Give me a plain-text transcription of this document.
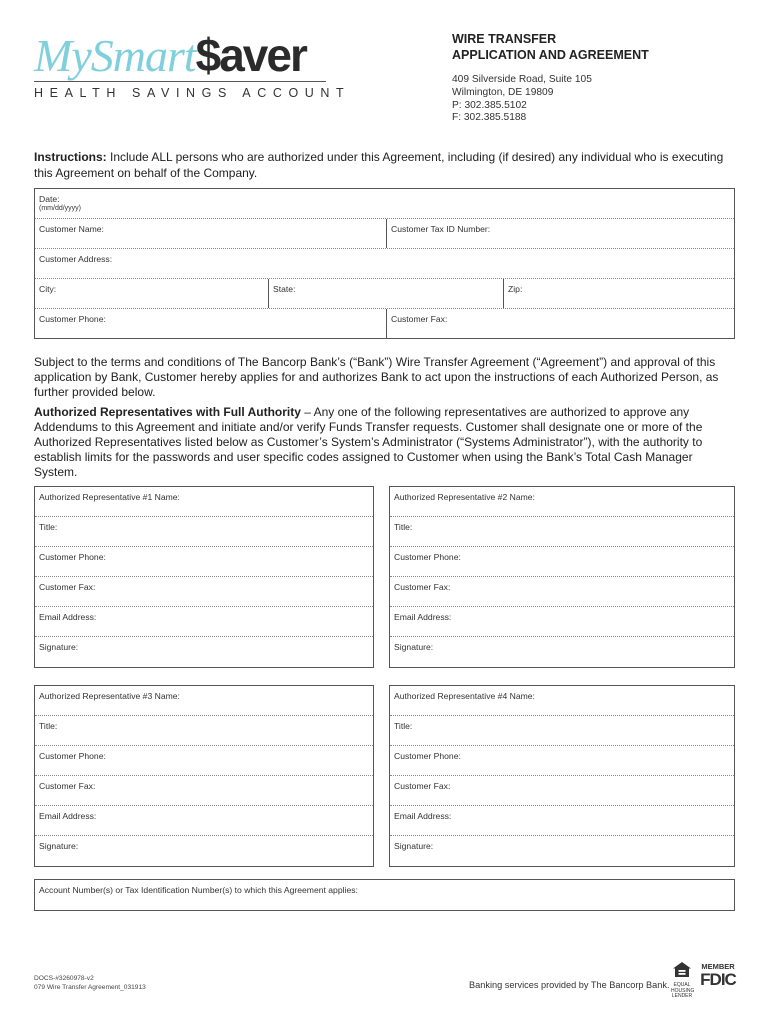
MySmart$aver
HEALTH SAVINGS ACCOUNT
WIRE TRANSFER
APPLICATION AND AGREEMENT
409 Silverside Road, Suite 105
Wilmington, DE 19809
P: 302.385.5102
F: 302.385.5188
Instructions: Include ALL persons who are authorized under this Agreement, including (if desired) any individual who is executing this Agreement on behalf of the Company.
Date:
(mm/dd/yyyy)
Customer Name:	Customer Tax ID Number:
Customer Address:
City:	State:	Zip:
Customer Phone:	Customer Fax:
Subject to the terms and conditions of The Bancorp Bank’s (“Bank”) Wire Transfer Agreement (“Agreement”) and approval of this application by Bank, Customer hereby applies for and authorizes Bank to act upon the instructions of each Authorized Person, as further provided below.
Authorized Representatives with Full Authority – Any one of the following representatives are authorized to approve any Addendums to this Agreement and initiate and/or verify Funds Transfer requests. Customer shall designate one or more of the Authorized Representatives listed below as Customer’s System’s Administrator (“Systems Administrator”), with the authority to establish limits for the passwords and user specific codes assigned to Customer when using the Bank’s Total Cash Manager System.
Authorized Representative #1 Name:
Title:
Customer Phone:
Customer Fax:
Email Address:
Signature:
Authorized Representative #2 Name:
Title:
Customer Phone:
Customer Fax:
Email Address:
Signature:
Authorized Representative #3 Name:
Title:
Customer Phone:
Customer Fax:
Email Address:
Signature:
Authorized Representative #4 Name:
Title:
Customer Phone:
Customer Fax:
Email Address:
Signature:
Account Number(s) or Tax Identification Number(s) to which this Agreement applies:
DOCS-#3260978-v2
079 Wire Transfer Agreement_031913	Banking services provided by The Bancorp Bank. EQUAL HOUSING
LENDER
MEMBER
FDIC
